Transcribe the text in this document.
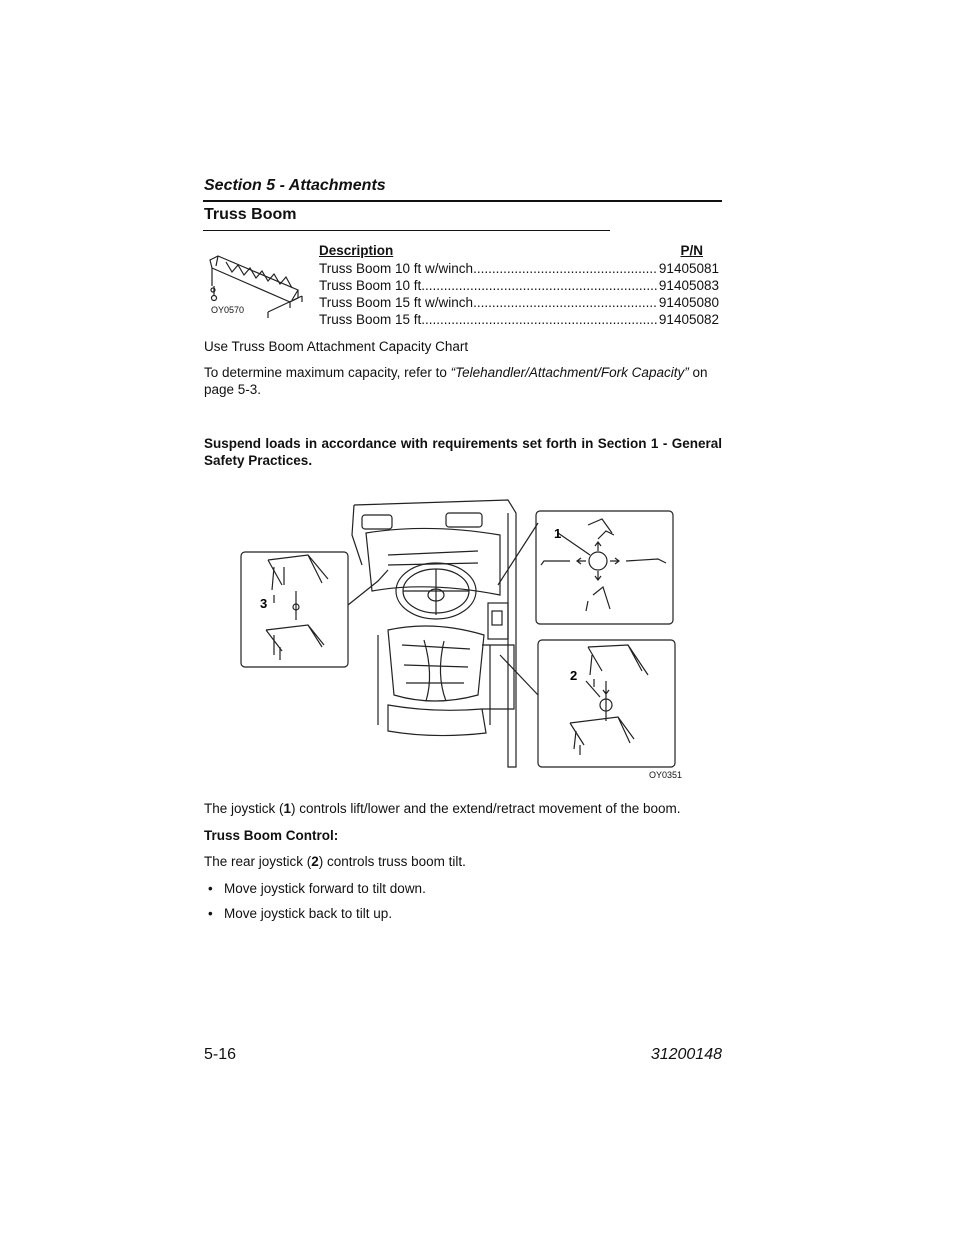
Section 5 - Attachments
Truss Boom
OY0570
Description	P/N
Truss Boom 10 ft w/winch .....	91405081
Truss Boom 10 ft .....	91405083
Truss Boom 15 ft w/winch .....	91405080
Truss Boom 15 ft .....	91405082
Use Truss Boom Attachment Capacity Chart
To determine maximum capacity, refer to “Telehandler/Attachment/Fork Capacity” on page 5-3.
Suspend loads in accordance with requirements set forth in Section 1 - General Safety Practices.
3
1
2
OY0351
The joystick (1) controls lift/lower and the extend/retract movement of the boom.
Truss Boom Control:
The rear joystick (2) controls truss boom tilt.
• Move joystick forward to tilt down.
• Move joystick back to tilt up.
5-16	31200148
